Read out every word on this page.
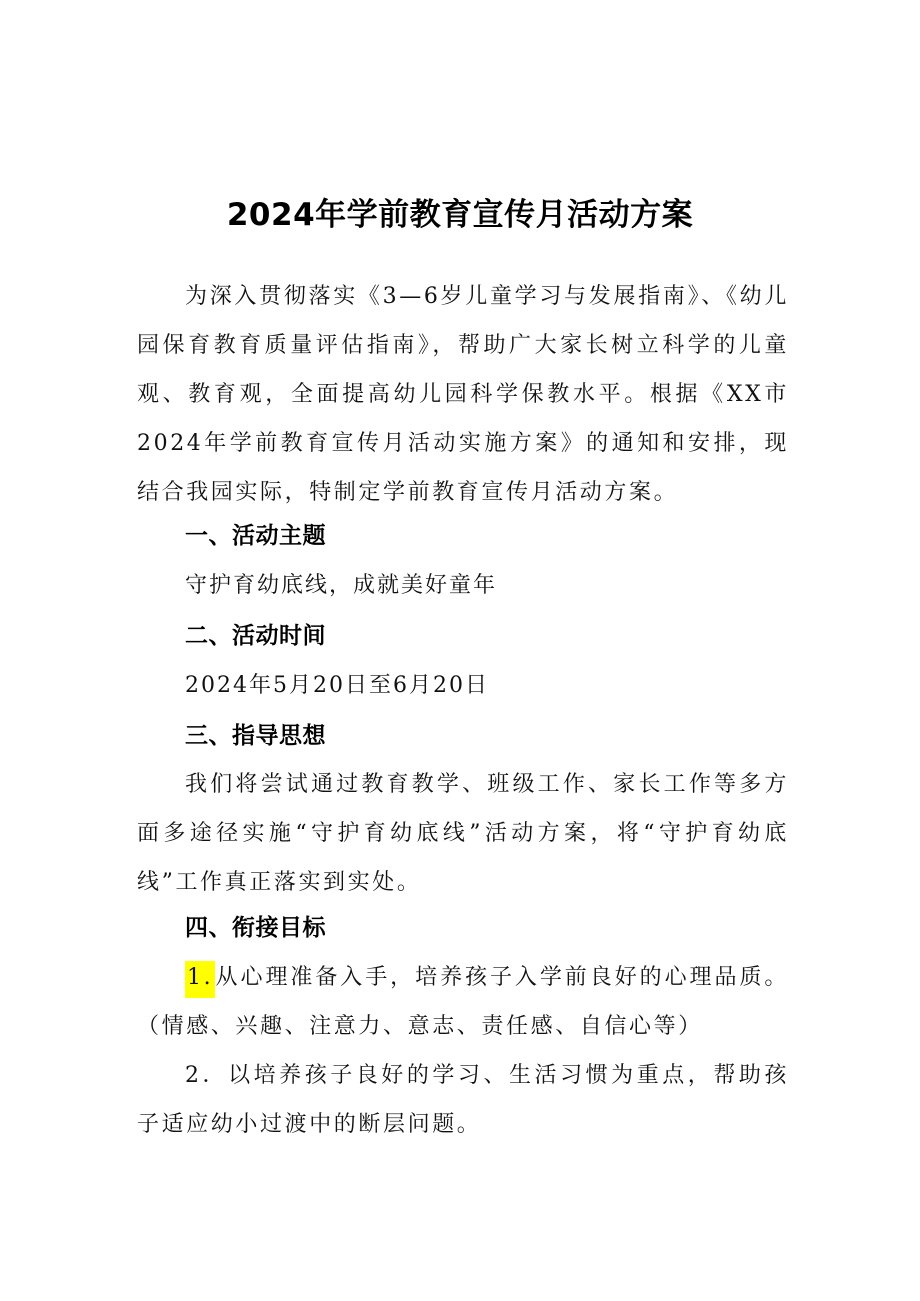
2024年学前教育宣传月活动方案

为深入贯彻落实《3—6岁儿童学习与发展指南》、《幼儿园保育教育质量评估指南》，帮助广大家长树立科学的儿童观、教育观，全面提高幼儿园科学保教水平。根据《XX市2024年学前教育宣传月活动实施方案》的通知和安排，现结合我园实际，特制定学前教育宣传月活动方案。

一、活动主题

守护育幼底线，成就美好童年

二、活动时间

2024年5月20日至6月20日

三、指导思想

我们将尝试通过教育教学、班级工作、家长工作等多方面多途径实施“守护育幼底线”活动方案，将“守护育幼底线”工作真正落实到实处。

四、衔接目标

1.从心理准备入手，培养孩子入学前良好的心理品质。（情感、兴趣、注意力、意志、责任感、自信心等）

2．以培养孩子良好的学习、生活习惯为重点，帮助孩子适应幼小过渡中的断层问题。
